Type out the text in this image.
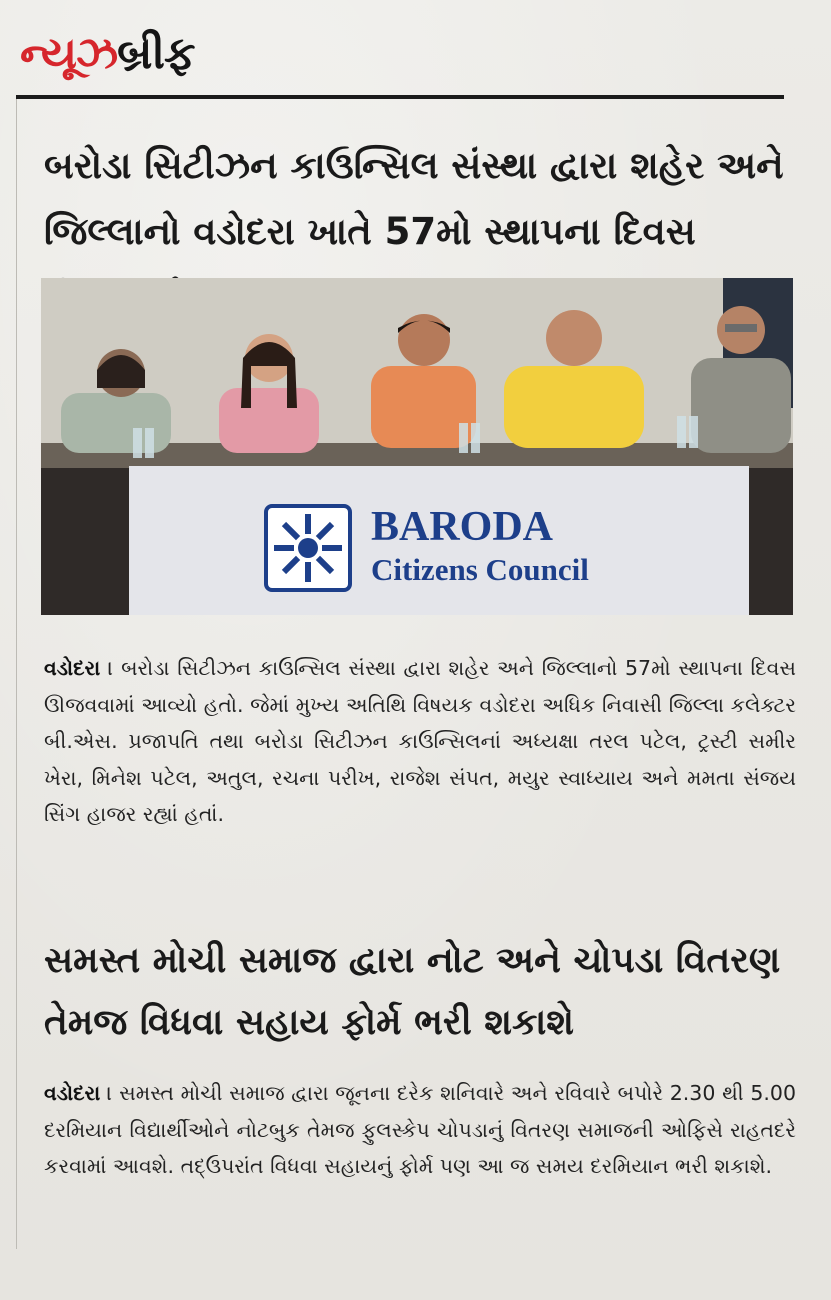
ન્યૂઝબ્રીફ
બરોડા સિટીઝન કાઉન્સિલ સંસ્થા દ્વારા શહેર અને જિલ્લાનો વડોદરા ખાતે 57મો સ્થાપના દિવસ
BARODA
Citizens Council

વડોદરા । બરોડા સિટીઝન કાઉન્સિલ સંસ્થા દ્વારા શહેર અને જિલ્લાનો 57મો સ્થાપના દિવસ ઊજવવામાં આવ્યો હતો. જેમાં મુખ્ય અતિથિ વિષયક વડોદરા અધિક નિવાસી જિલ્લા કલેક્ટર બી.એસ. પ્રજાપતિ તથા બરોડા સિટીઝન કાઉન્સિલનાં અધ્યક્ષા તરલ પટેલ, ટ્રસ્ટી સમીર ખેરા, મિનેશ પટેલ, અતુલ, રચના પરીખ, રાજેશ સંપત, મયુર સ્વાધ્યાય અને મમતા સંજય સિંગ હાજર રહ્યાં હતાં.

સમસ્ત મોચી સમાજ દ્વારા નોટ અને ચોપડા વિતરણ તેમજ વિધવા સહાય ફોર્મ ભરી શકાશે

વડોદરા । સમસ્ત મોચી સમાજ દ્વારા જૂનના દરેક શનિવારે અને રવિવારે બપોરે 2.30 થી 5.00 દરમિયાન વિદ્યાર્થીઓને નોટબુક તેમજ ફુલસ્કેપ ચોપડાનું વિતરણ સમાજની ઓફિસે રાહતદરે કરવામાં આવશે. તદ્ઉપરાંત વિધવા સહાયનું ફોર્મ પણ આ જ સમય દરમિયાન ભરી શકાશે.
